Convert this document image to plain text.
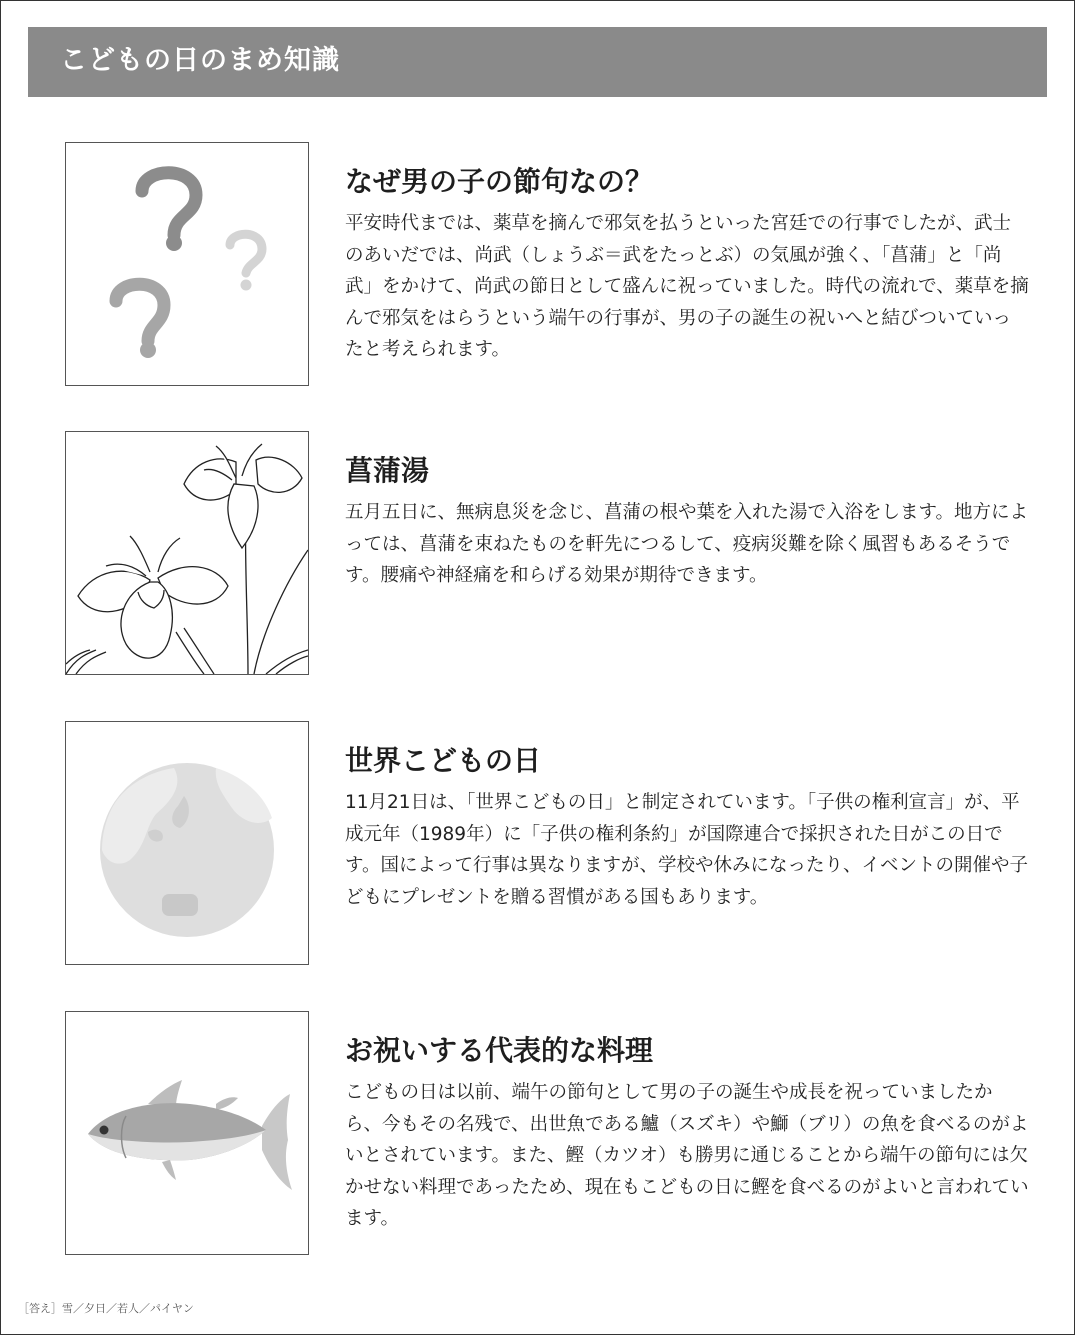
こどもの日のまめ知識
なぜ男の子の節句なの？
平安時代までは、薬草を摘んで邪気を払うといった宮廷での行事でしたが、武士のあいだでは、尚武（しょうぶ＝武をたっとぶ）の気風が強く、「菖蒲」と「尚武」をかけて、尚武の節日として盛んに祝っていました。時代の流れで、薬草を摘んで邪気をはらうという端午の行事が、男の子の誕生の祝いへと結びついていったと考えられます。
菖蒲湯
五月五日に、無病息災を念じ、菖蒲の根や葉を入れた湯で入浴をします。地方によっては、菖蒲を束ねたものを軒先につるして、疫病災難を除く風習もあるそうです。腰痛や神経痛を和らげる効果が期待できます。
世界こどもの日
11月21日は、「世界こどもの日」と制定されています。「子供の権利宣言」が、平成元年（1989年）に「子供の権利条約」が国際連合で採択された日がこの日です。国によって行事は異なりますが、学校や休みになったり、イベントの開催や子どもにプレゼントを贈る習慣がある国もあります。
お祝いする代表的な料理
こどもの日は以前、端午の節句として男の子の誕生や成長を祝っていましたから、今もその名残で、出世魚である鱸（スズキ）や鰤（ブリ）の魚を食べるのがよいとされています。また、鰹（カツオ）も勝男に通じることから端午の節句には欠かせない料理であったため、現在もこどもの日に鰹を食べるのがよいと言われています。
［答え］雪／夕日／若人／パイヤン
